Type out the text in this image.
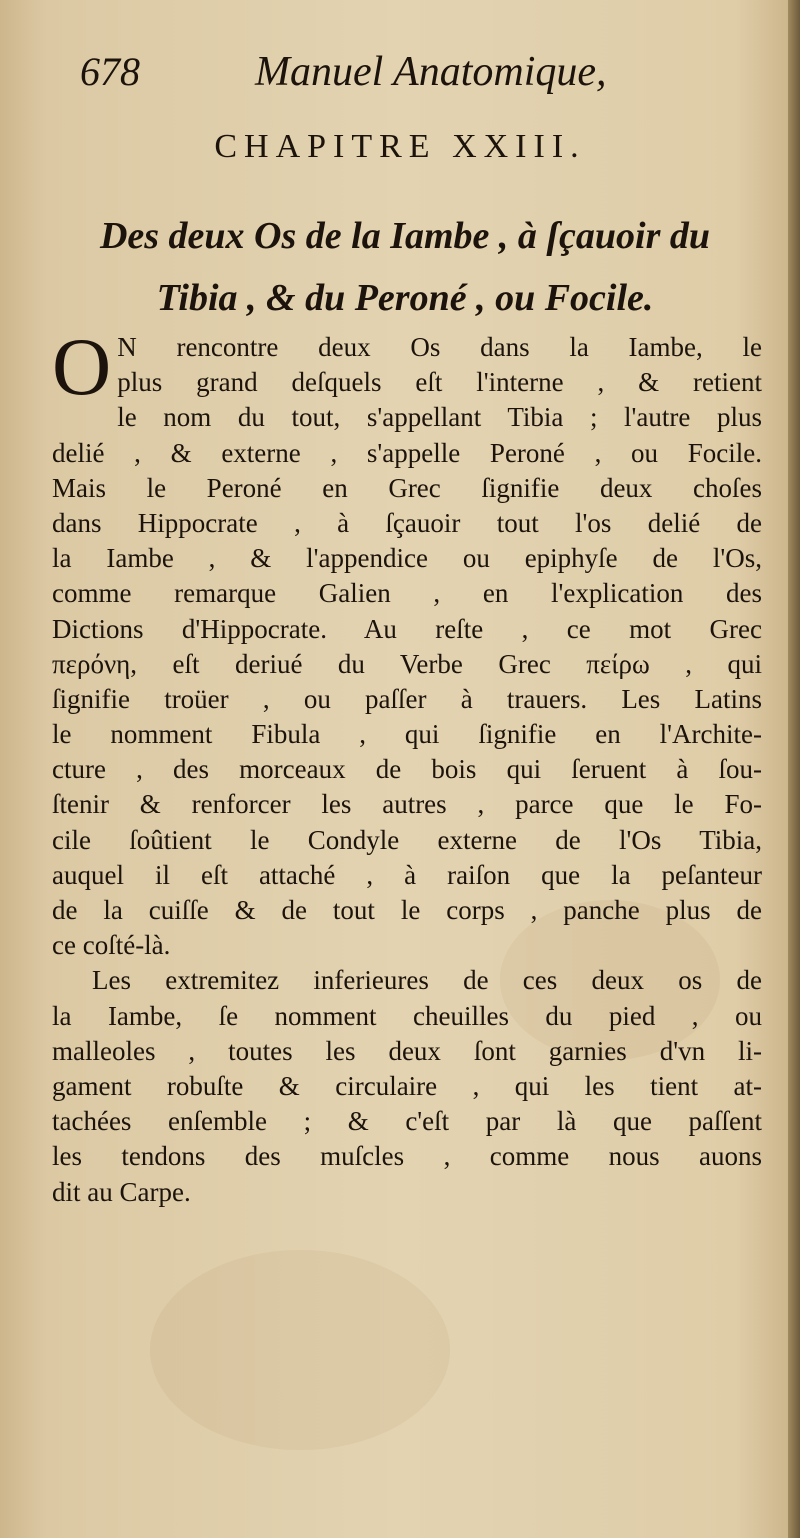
678	Manuel Anatomique,
CHAPITRE XXIII.
Des deux Os de la Iambe , à ſçauoir du
Tibia , & du Peroné , ou Focile.
O N rencontre deux Os dans la Iambe, le
plus grand deſquels eſt l'interne , & retient
le nom du tout, s'appellant Tibia ; l'autre plus
delié , & externe , s'appelle Peroné , ou Focile.
Mais le Peroné en Grec ſignifie deux choſes
dans Hippocrate , à ſçauoir tout l'os delié de
la Iambe , & l'appendice ou epiphyſe de l'Os,
comme remarque Galien , en l'explication des
Dictions d'Hippocrate. Au reſte , ce mot Grec
περόνη, eſt deriué du Verbe Grec πείρω , qui
ſignifie troüer , ou paſſer à trauers. Les Latins
le nomment Fibula , qui ſignifie en l'Archite-
cture , des morceaux de bois qui ſeruent à ſou-
ſtenir & renforcer les autres , parce que le Fo-
cile ſoûtient le Condyle externe de l'Os Tibia,
auquel il eſt attaché , à raiſon que la peſanteur
de la cuiſſe & de tout le corps , panche plus de
ce coſté-là.
Les extremitez inferieures de ces deux os de
la Iambe, ſe nomment cheuilles du pied , ou
malleoles , toutes les deux ſont garnies d'vn li-
gament robuſte & circulaire , qui les tient at-
tachées enſemble ; & c'eſt par là que paſſent
les tendons des muſcles , comme nous auons
dit au Carpe.
